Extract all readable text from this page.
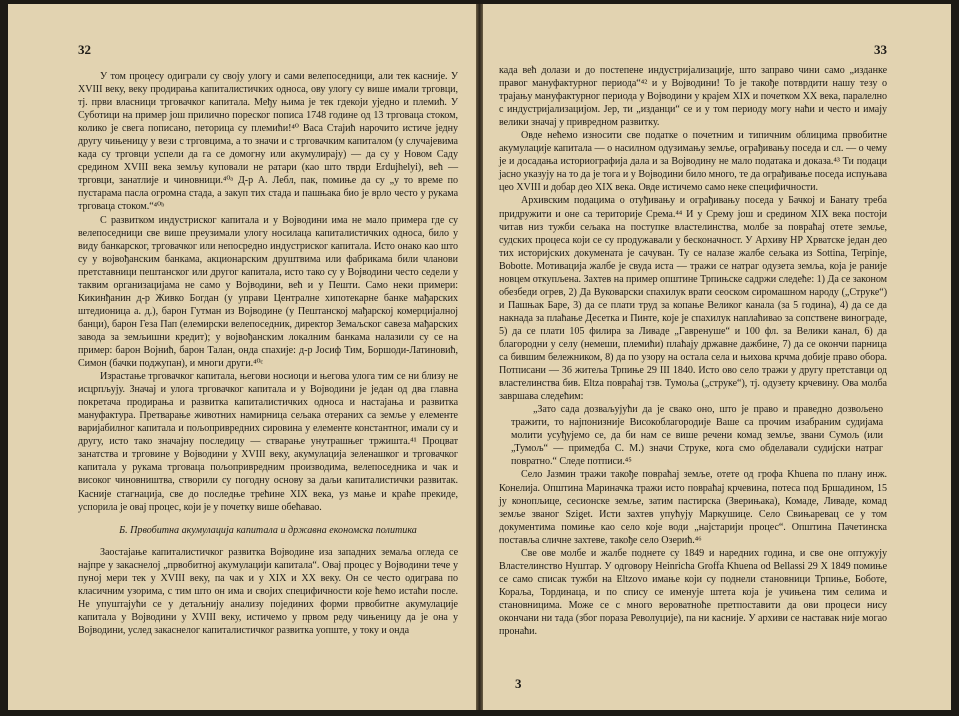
32

У том процесу одиграли су своју улогу и сами велепоседници, али тек касније. У XVIII веку, веку продирања капиталистичких односа, ову улогу су више имали трговци, тј. први власници трговачког капитала. Међу њима је тек гдекоји уједно и племић. У Суботици на пример још прилично пореског пописа 1748 године од 13 трговаца стоком, колико је свега пописано, петорица су племићи!⁴⁰ Васа Стајић нарочито истиче једну другу чињеницу у вези с трговцима, а то значи и с трговачким капиталом (у случајевима када су трговци успели да га се домогну или акумулирају) — да су у Новом Саду средином XVIII века земљу куповали не ратари (као што тврди Erdujhelyi), већ — трговци, занатлије и чиновници.⁴⁰ᵃ Д-р А. Лебл, пак, помиње да су „у то време по пустарама пасла огромна стада, а закуп тих стада и пашњака био је врло често у рукама трговаца стоком.“⁴⁰ᵇ

С развитком индустриског капитала и у Војводини има не мало примера где су велепоседници све више преузимали улогу носилаца капиталистичких односа, било у виду банкарског, трговачког или непосредно индустриског капитала. Исто онако као што су у војвођанским банкама, акционарским друштвима или фабрикама били чланови претставници пештанског или другог капитала, исто тако су у Војводини често седели у таквим организацијама не само у Војводини, већ и у Пешти. Само неки примери: Кикинђанин д-р Живко Богдан (у управи Централне хипотекарне банке мађарских штедионица а. д.), барон Гутман из Војводине (у Пештанској мађарској комерцијалној банци), барон Геза Пап (елемирски велепоседник, директор Земаљског савеза мађарских завода за земљишни кредит); у војвођанским локалним банкама налазили су се на пример: барон Војнић, барон Талан, онда спахије: д-р Јосиф Тим, Боршоди-Латиновић, Симон (бачки поджупан), и многи други.⁴⁰ᶜ

Израстање трговачког капитала, његови носиоци и његова улога тим се ни близу не исцрпљују. Значај и улога трговачког капитала и у Војводини је један од два главна покретача продирања и развитка капиталистичких односа и настајања и развитка мануфактура. Претварање животних намирница сељака отераних са земље у елементе варијабилног капитала и пољопривредних сировина у елементе константног, имали су и другу, исто тако значајну последицу — стварање унутрашњег тржишта.⁴¹ Процват занатства и трговине у Војводини у XVIII веку, акумулација зеленашког и трговачког капитала у рукама трговаца пољопривредним производима, велепоседника и чак и високог чиновништва, створили су погодну основу за даљи капиталистички развитак. Касније стагнација, све до последње трећине XIX века, уз мање и краће прекиде, успорила је овај процес, који је у почетку више обећавао.

Б. Првобитна акумулација капитала и државна економска политика

Заостајање капиталистичког развитка Војводине иза западних земаља огледа се најпре у закаснелој „првобитној акумулацији капитала“. Овај процес у Војводини тече у пуној мери тек у XVIII веку, па чак и у XIX и XX веку. Он се често одиграва по класичним узорима, с тим што он има и својих специфичности које ћемо истаћи после. Не упуштајући се у детаљнију анализу појединих форми првобитне акумулације капитала у Војводини у XVIII веку, истичемо у првом реду чињеницу да је она у Војводини, услед закаснелог капиталистичког развитка уопште, у току и онда

33

када већ долази и до постепене индустријализације, што заправо чини само „изданке правог мануфактурног периода“⁴² и у Војводини! То је такође потврдити нашу тезу о трајању мануфактурног периода у Војводини у крајем XIX и почетком XX века, паралелно с индустријализацијом. Јер, ти „изданци“ се и у том периоду могу наћи и често и имају велики значај у привредном развитку.

Овде нећемо износити све податке о почетним и типичним облицима првобитне акумулације капитала — о насилном одузимању земље, ограђивању поседа и сл. — о чему је и досадања историографија дала и за Војводину не мало података и доказа.⁴³ Ти подаци јасно указују на то да је тога и у Војводини било много, те да ограђивање поседа испуњава цео XVIII и добар део XIX века. Овде истичемо само неке специфичности.

Архивским подацима о отуђивању и ограђивању поседа у Бачкој и Банату треба придружити и оне са територије Срема.⁴⁴ И у Срему још и средином XIX века постоји читав низ тужби сељака на поступке властелинства, молбе за повраћај отете земље, судских процеса који се су продужавали у бесконачност. У Архиву НР Хрватске један део тих историјских докумената је сачуван. Ту се налазе жалбе сељака из Sottina, Terpinje, Bobotte. Мотивација жалбе је свуда иста — тражи се натраг одузета земља, која је раније новцем откупљена. Захтев на пример општине Трпињске садржи следеће: 1) Да се законом обезбеди огрев, 2) Да Вуковарски спахилук врати сеоском сиромашном народу („Струке“) и Пашњак Баре, 3) да се плати труд за копање Великог канала (за 5 година), 4) да се да накнада за плаћање Десетка и Пинте, које је спахилук наплаћивао за сопствене винограде, 5) да се плати 105 филира за Ливаде „Гавренуше“ и 100 фл. за Велики канал, 6) да благородни у селу (немеши, племићи) плаћају државне дажбине, 7) да се окончи парница са бившим бележником, 8) да по узору на остала села и њихова крчма добије право обора. Потписани — 36 житеља Трпиње 29 III 1840. Исто ово село тражи у другу претставци од властелинства бив. Eltza повраћај тзв. Тумоља („струке“), тј. одузету крчевину. Ова молба завршава следећим:

„Зато сада дозваљујући да је свако оно, што је право и праведно дозвољено тражити, то најпонизније Високоблагородије Ваше са прочим изабраним судијама молити усуђујемо се, да би нам се више речени комад земље, звани Сумољ (или „Тумољ“ — примедба С. М.) значи Струке, кога смо обделавали судијски натраг повратно.“ Следе потписи.⁴⁵

Село Јазмин тражи такође повраћај земље, отете од грофа Khuena по плану инж. Конелија. Општина Мариначка тражи исто повраћај крчевина, потеса под Бршадином, 15 ју конопљице, сесионске земље, затим пастирска (Зверињака), Комаде, Ливаде, комад земље званог Sziget. Исти захтев упућују Маркушице. Село Свињаревац се у том документима помиње као село које води „најстарији процес“. Општина Пачетинска поставља сличне захтеве, такође село Озерић.⁴⁶

Све ове молбе и жалбе поднете су 1849 и наредних година, и све оне оптужују Властелинство Нуштар. У одговору Heinricha Groffa Khuena od Bellassi 29 X 1849 помиње се само списак тужби на Eltzovo имање који су поднели становници Трпиње, Боботе, Кораља, Тординаца, и по спису се именује штета која је учињена тим селима и становницима. Може се с много вероватноће претпоставити да ови процеси нису окончани ни тада (због пораза Револуције), па ни касније. У архиви се наставак није могао пронаћи.

3
